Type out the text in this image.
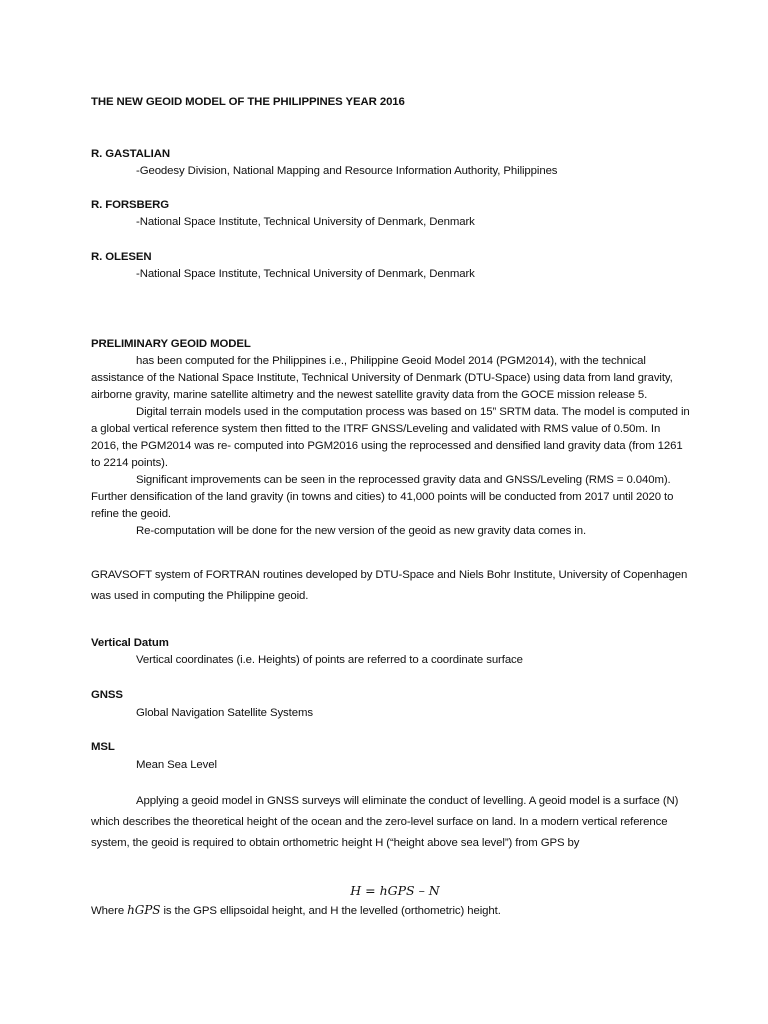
THE NEW GEOID MODEL OF THE PHILIPPINES YEAR 2016
R. GASTALIAN
-Geodesy Division, National Mapping and Resource Information Authority, Philippines
R. FORSBERG
-National Space Institute, Technical University of Denmark, Denmark
R. OLESEN
-National Space Institute, Technical University of Denmark, Denmark
PRELIMINARY GEOID MODEL

has been computed for the Philippines i.e., Philippine Geoid Model 2014 (PGM2014), with the technical assistance of the National Space Institute, Technical University of Denmark (DTU-Space) using data from land gravity, airborne gravity, marine satellite altimetry and the newest satellite gravity data from the GOCE mission release 5.

Digital terrain models used in the computation process was based on 15” SRTM data. The model is computed in a global vertical reference system then fitted to the ITRF GNSS/Leveling and validated with RMS value of 0.50m. In 2016, the PGM2014 was re- computed into PGM2016 using the reprocessed and densified land gravity data (from 1261 to 2214 points).

Significant improvements can be seen in the reprocessed gravity data and GNSS/Leveling (RMS = 0.040m). Further densification of the land gravity (in towns and cities) to 41,000 points will be conducted from 2017 until 2020 to refine the geoid.

Re-computation will be done for the new version of the geoid as new gravity data comes in.

GRAVSOFT system of FORTRAN routines developed by DTU-Space and Niels Bohr Institute, University of Copenhagen was used in computing the Philippine geoid.
Vertical Datum
Vertical coordinates (i.e. Heights) of points are referred to a coordinate surface
GNSS
Global Navigation Satellite Systems
MSL
Mean Sea Level

Applying a geoid model in GNSS surveys will eliminate the conduct of levelling. A geoid model is a surface (N) which describes the theoretical height of the ocean and the zero-level surface on land. In a modern vertical reference system, the geoid is required to obtain orthometric height H (“height above sea level”) from GPS by

H = hGPS – N
Where hGPS is the GPS ellipsoidal height, and H the levelled (orthometric) height.
